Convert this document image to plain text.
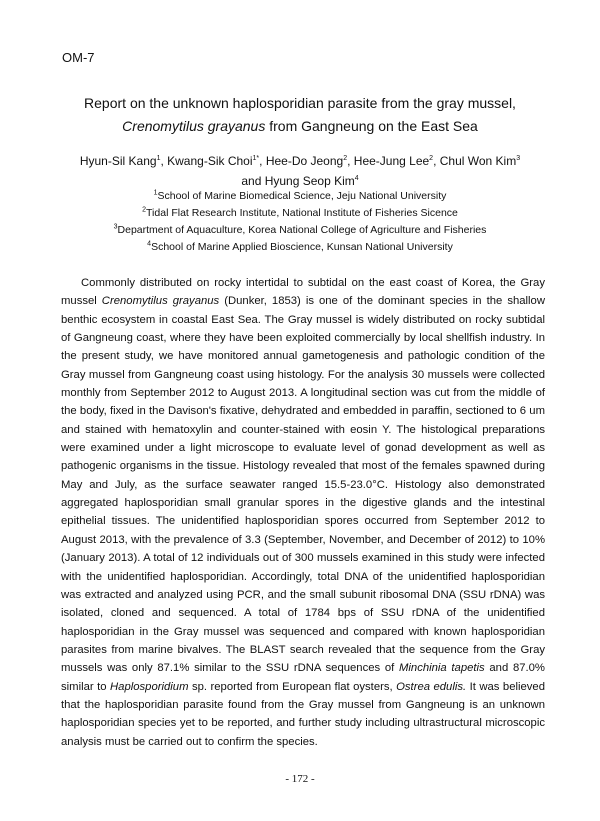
OM-7
Report on the unknown haplosporidian parasite from the gray mussel, Crenomytilus grayanus from Gangneung on the East Sea
Hyun-Sil Kang$^1$, Kwang-Sik Choi$^{1*}$, Hee-Do Jeong$^2$, Hee-Jung Lee$^2$, Chul Won Kim$^3$
and Hyung Seop Kim$^4$
$^1$School of Marine Biomedical Science, Jeju National University
$^2$Tidal Flat Research Institute, National Institute of Fisheries Sicence
$^3$Department of Aquaculture, Korea National College of Agriculture and Fisheries
$^4$School of Marine Applied Bioscience, Kunsan National University

Commonly distributed on rocky intertidal to subtidal on the east coast of Korea, the Gray mussel Crenomytilus grayanus (Dunker, 1853) is one of the dominant species in the shallow benthic ecosystem in coastal East Sea. The Gray mussel is widely distributed on rocky subtidal of Gangneung coast, where they have been exploited commercially by local shellfish industry. In the present study, we have monitored annual gametogenesis and pathologic condition of the Gray mussel from Gangneung coast using histology. For the analysis 30 mussels were collected monthly from September 2012 to August 2013. A longitudinal section was cut from the middle of the body, fixed in the Davison's fixative, dehydrated and embedded in paraffin, sectioned to 6 um and stained with hematoxylin and counter-stained with eosin Y. The histological preparations were examined under a light microscope to evaluate level of gonad development as well as pathogenic organisms in the tissue. Histology revealed that most of the females spawned during May and July, as the surface seawater ranged 15.5-23.0°C. Histology also demonstrated aggregated haplosporidian small granular spores in the digestive glands and the intestinal epithelial tissues. The unidentified haplosporidian spores occurred from September 2012 to August 2013, with the prevalence of 3.3 (September, November, and December of 2012) to 10% (January 2013). A total of 12 individuals out of 300 mussels examined in this study were infected with the unidentified haplosporidian. Accordingly, total DNA of the unidentified haplosporidian was extracted and analyzed using PCR, and the small subunit ribosomal DNA (SSU rDNA) was isolated, cloned and sequenced. A total of 1784 bps of SSU rDNA of the unidentified haplosporidian in the Gray mussel was sequenced and compared with known haplosporidian parasites from marine bivalves. The BLAST search revealed that the sequence from the Gray mussels was only 87.1% similar to the SSU rDNA sequences of Minchinia tapetis and 87.0% similar to Haplosporidium sp. reported from European flat oysters, Ostrea edulis. It was believed that the haplosporidian parasite found from the Gray mussel from Gangneung is an unknown haplosporidian species yet to be reported, and further study including ultrastructural microscopic analysis must be carried out to confirm the species.

- 172 -
